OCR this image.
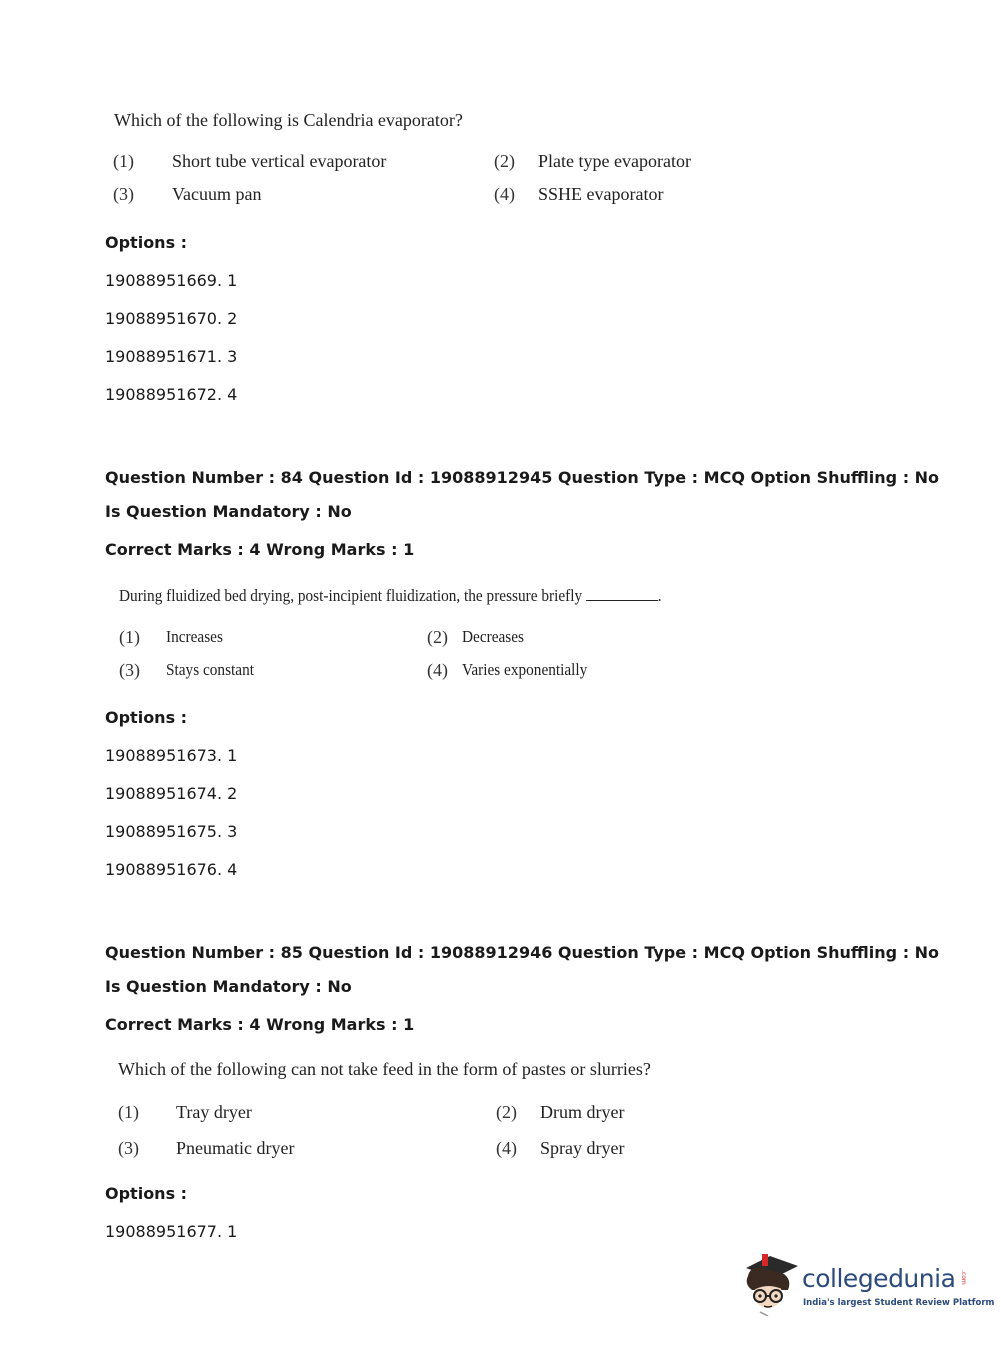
Which of the following is Calendria evaporator?
(1) Short tube vertical evaporator	(2) Plate type evaporator
(3) Vacuum pan	(4) SSHE evaporator
Options :
19088951669. 1
19088951670. 2
19088951671. 3
19088951672. 4
Question Number : 84 Question Id : 19088912945 Question Type : MCQ Option Shuffling : No
Is Question Mandatory : No
Correct Marks : 4 Wrong Marks : 1
During fluidized bed drying, post-incipient fluidization, the pressure briefly	.
(1) Increases	(2) Decreases
(3) Stays constant	(4) Varies exponentially
Options :
19088951673. 1
19088951674. 2
19088951675. 3
19088951676. 4
Question Number : 85 Question Id : 19088912946 Question Type : MCQ Option Shuffling : No
Is Question Mandatory : No
Correct Marks : 4 Wrong Marks : 1
Which of the following can not take feed in the form of pastes or slurries?
(1) Tray dryer	(2) Drum dryer
(3) Pneumatic dryer	(4) Spray dryer
Options :
19088951677. 1
collegedunia .com
India's largest Student Review Platform
